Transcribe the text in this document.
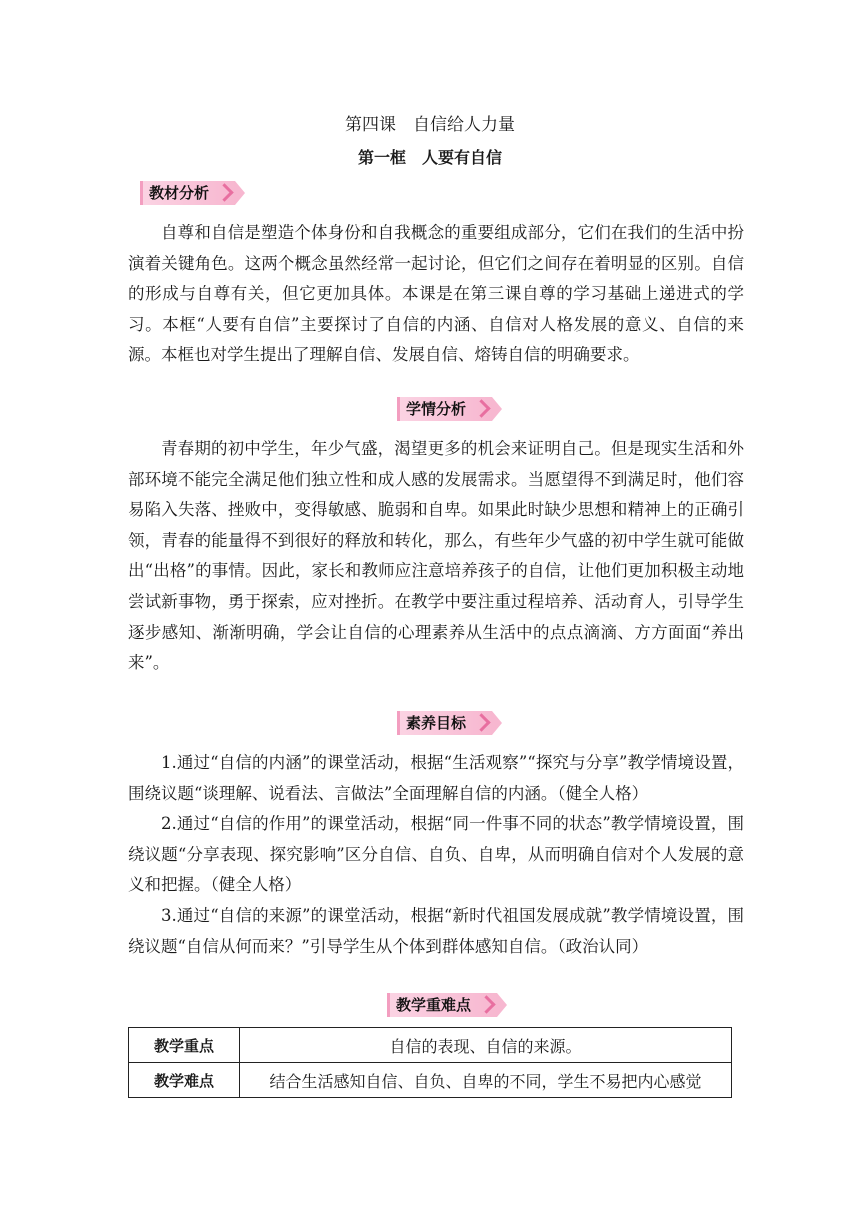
第四课　自信给人力量
第一框　人要有自信
教材分析
自尊和自信是塑造个体身份和自我概念的重要组成部分，它们在我们的生活中扮演着关键角色。这两个概念虽然经常一起讨论，但它们之间存在着明显的区别。自信的形成与自尊有关，但它更加具体。本课是在第三课自尊的学习基础上递进式的学习。本框“人要有自信”主要探讨了自信的内涵、自信对人格发展的意义、自信的来源。本框也对学生提出了理解自信、发展自信、熔铸自信的明确要求。
学情分析
青春期的初中学生，年少气盛，渴望更多的机会来证明自己。但是现实生活和外部环境不能完全满足他们独立性和成人感的发展需求。当愿望得不到满足时，他们容易陷入失落、挫败中，变得敏感、脆弱和自卑。如果此时缺少思想和精神上的正确引领，青春的能量得不到很好的释放和转化，那么，有些年少气盛的初中学生就可能做出“出格”的事情。因此，家长和教师应注意培养孩子的自信，让他们更加积极主动地尝试新事物，勇于探索，应对挫折。在教学中要注重过程培养、活动育人，引导学生逐步感知、渐渐明确，学会让自信的心理素养从生活中的点点滴滴、方方面面“养出来”。
素养目标
1.通过“自信的内涵”的课堂活动，根据“生活观察”“探究与分享”教学情境设置，围绕议题“谈理解、说看法、言做法”全面理解自信的内涵。（健全人格）
2.通过“自信的作用”的课堂活动，根据“同一件事不同的状态”教学情境设置，围绕议题“分享表现、探究影响”区分自信、自负、自卑，从而明确自信对个人发展的意义和把握。（健全人格）
3.通过“自信的来源”的课堂活动，根据“新时代祖国发展成就”教学情境设置，围绕议题“自信从何而来？”引导学生从个体到群体感知自信。（政治认同）
教学重难点
教学重点	自信的表现、自信的来源。
教学难点	结合生活感知自信、自负、自卑的不同，学生不易把内心感觉
